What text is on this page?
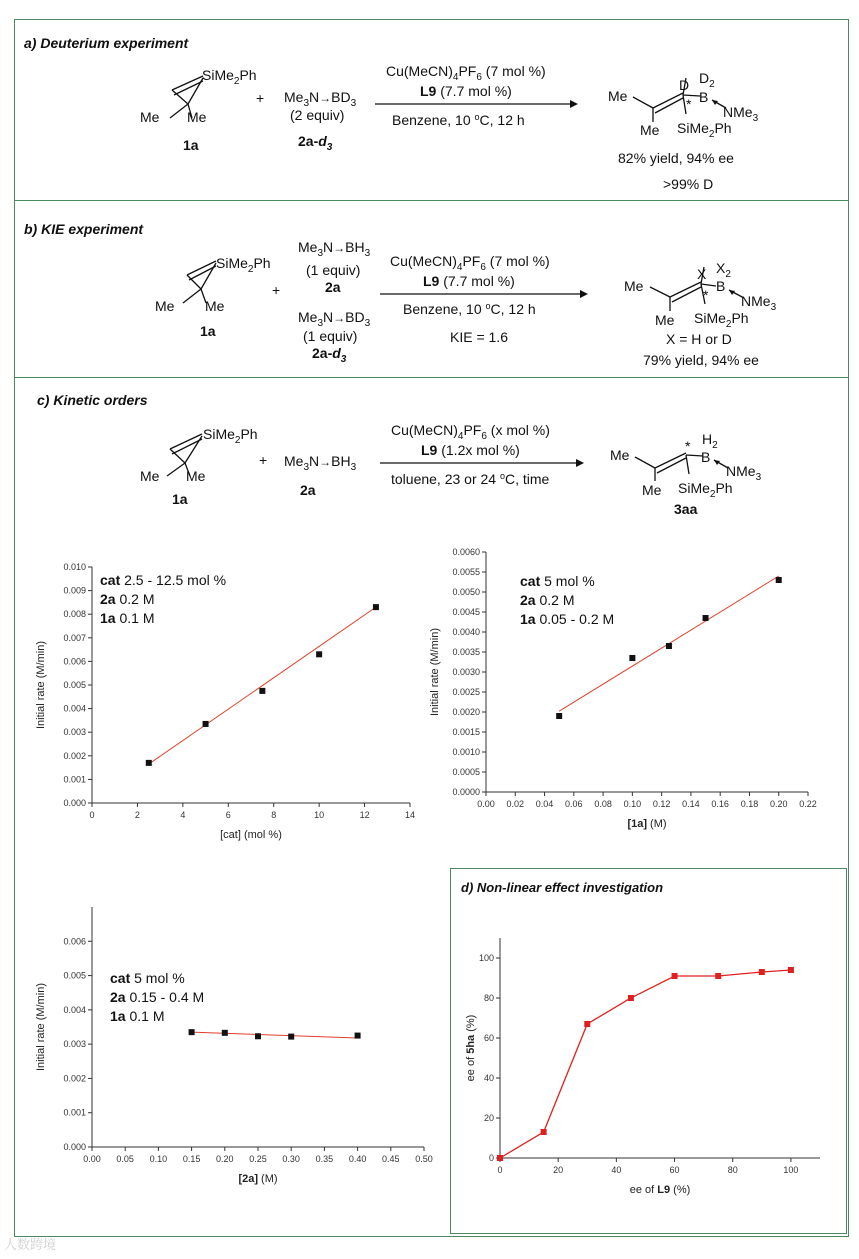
a) Deuterium experiment
b) KIE experiment
c) Kinetic orders
d) Non-linear effect investigation
SiMe$_2$Ph
Me Me
1a
+ $Me_3N\to BD_3$
(2 equiv)
$2a-d_3$
$Cu(MeCN)_4PF_6$ (7 mol %)
L9 (7.7 mol %)
Benzene, 10 $^o$C, 12 h
Me
Me
D
*
$D_2$
B
NMe$_3$
SiMe$_2$Ph
82% yield, 94% ee
>99% D
SiMe$_2$Ph
Me Me
1a
+
$Me_3N\to BH_3$
(1 equiv)
2a
$Me_3N\to BD_3$
(1 equiv)
$2a-d_3$
$Cu(MeCN)_4PF_6$ (7 mol %)
L9 (7.7 mol %)
Benzene, 10 $^o$C, 12 h
KIE = 1.6
Me
Me
X
*
$X_2$
B
NMe$_3$
SiMe$_2$Ph
X = H or D
79% yield, 94% ee
SiMe$_2$Ph
Me Me
1a
+ $Me_3N\to BH_3$
2a
$Cu(MeCN)_4PF_6$ (x mol %)
L9 (1.2x mol %)
toluene, 23 or 24 $^o$C, time
Me
Me
* $H_2$
B
NMe$_3$
SiMe$_2$Ph
3aa
0.000
0.001
0.002
0.003
0.004
0.005
0.006
0.007
0.008
0.009
0.010
0	2	4	6	8	10	12	14
[cat] (mol %)
Initial rate (M/min)
cat 2.5 - 12.5 mol %
2a 0.2 M
1a 0.1 M
0.0000
0.0005
0.0010
0.0015
0.0020
0.0025
0.0030
0.0035
0.0040
0.0045
0.0050
0.0055
0.0060
0.00 0.02 0.04 0.06 0.08 0.10 0.12 0.14 0.16 0.18 0.20 0.22
[1a] (M)
Initial rate (M/min)
cat 5 mol %
2a 0.2 M
1a 0.05 - 0.2 M
0.000
0.001
0.002
0.003
0.004
0.005
0.006
0.00 0.05 0.10 0.15 0.20 0.25 0.30 0.35 0.40 0.45 0.50
[2a] (M)
Initial rate (M/min)
cat 5 mol %
2a 0.15 - 0.4 M
1a 0.1 M
0
20
40
60
80
100
0	20	40	60	80	100
ee of L9 (%)
ee of 5ha (%)
人数跨境
